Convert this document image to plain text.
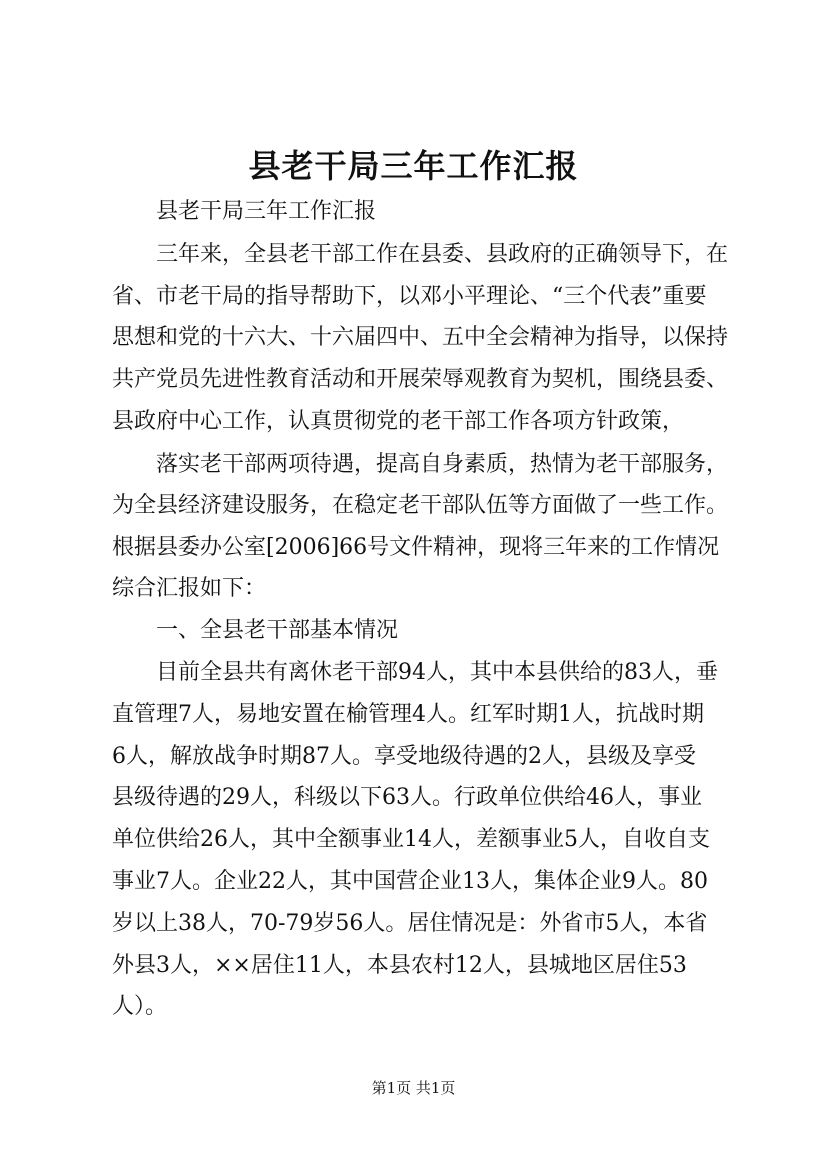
县老干局三年工作汇报
县老干局三年工作汇报
三年来，全县老干部工作在县委、县政府的正确领导下，在
省、市老干局的指导帮助下，以邓小平理论、“三个代表”重要
思想和党的十六大、十六届四中、五中全会精神为指导，以保持
共产党员先进性教育活动和开展荣辱观教育为契机，围绕县委、
县政府中心工作，认真贯彻党的老干部工作各项方针政策，
落实老干部两项待遇，提高自身素质，热情为老干部服务，
为全县经济建设服务，在稳定老干部队伍等方面做了一些工作。
根据县委办公室[2006]66号文件精神，现将三年来的工作情况
综合汇报如下：
一、全县老干部基本情况
目前全县共有离休老干部94人，其中本县供给的83人，垂
直管理7人，易地安置在榆管理4人。红军时期1人，抗战时期
6人，解放战争时期87人。享受地级待遇的2人，县级及享受
县级待遇的29人，科级以下63人。行政单位供给46人，事业
单位供给26人，其中全额事业14人，差额事业5人，自收自支
事业7人。企业22人，其中国营企业13人，集体企业9人。80
岁以上38人，70-79岁56人。居住情况是：外省市5人，本省
外县3人，××居住11人，本县农村12人，县城地区居住53
人）。
第1页 共1页
